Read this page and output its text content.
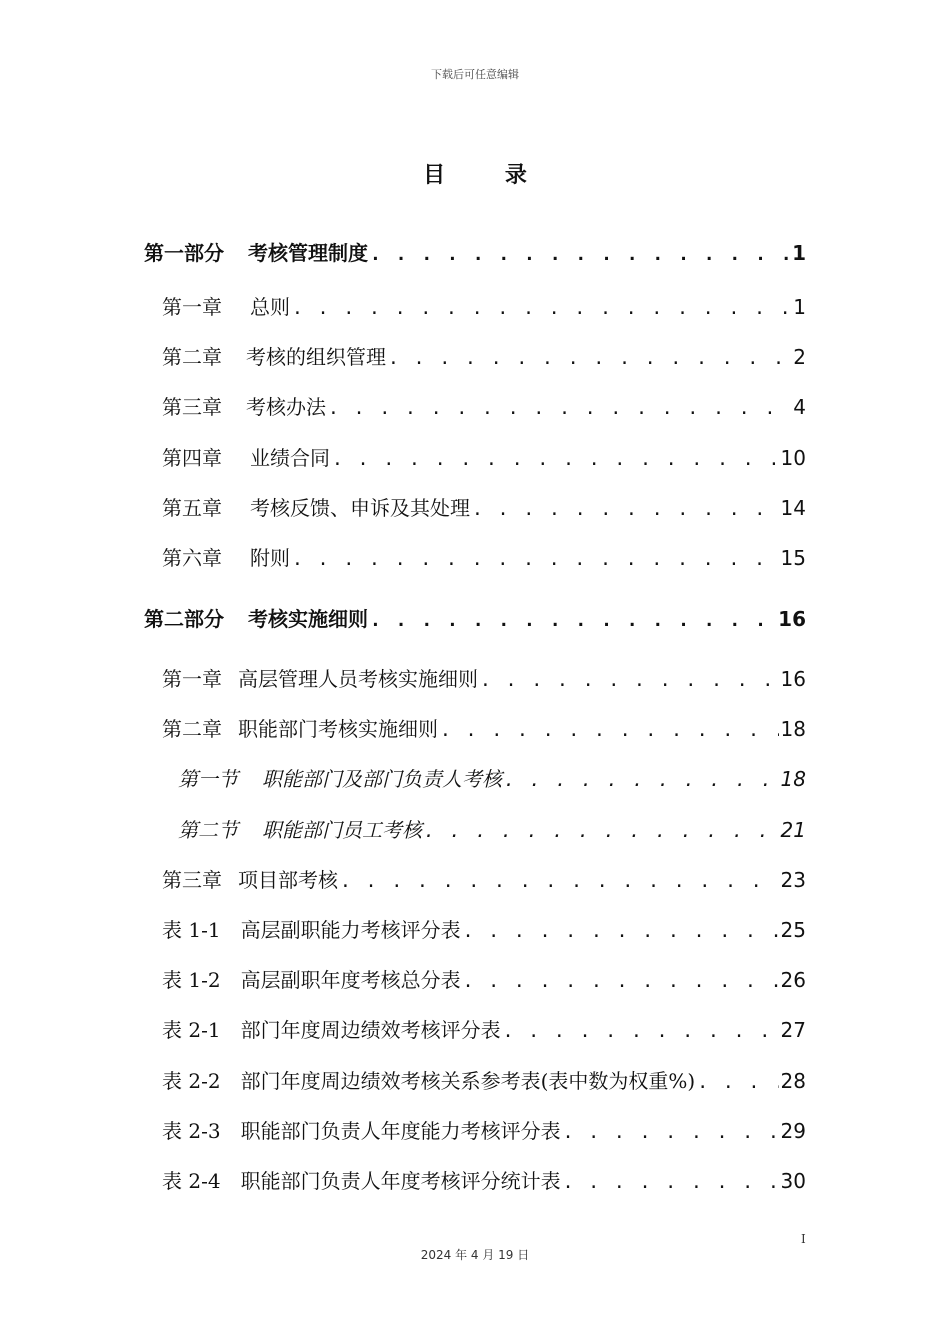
下载后可任意编辑
目 录
第一部分 考核管理制度 . . .	1
第一章 总则 . . .	1
第二章 考核的组织管理 . . .	2
第三章 考核办法 . . .	4
第四章 业绩合同 . . .	10
第五章 考核反馈、申诉及其处理 . . .	14
第六章 附则 . . .	15
第二部分 考核实施细则 . . .	16
第一章 高层管理人员考核实施细则 . . .	16
第二章 职能部门考核实施细则 . . .	18
第一节 职能部门及部门负责人考核 . . .	18
第二节 职能部门员工考核 . . .	21
第三章 项目部考核 . . .	23
表 1-1 高层副职能力考核评分表 . . .	25
表 1-2 高层副职年度考核总分表 . . .	26
表 2-1 部门年度周边绩效考核评分表 . . .	27
表 2-2 部门年度周边绩效考核关系参考表(表中数为权重%) . . .	28
表 2-3 职能部门负责人年度能力考核评分表 . . .	29
表 2-4 职能部门负责人年度考核评分统计表 . . .	30
I
2024 年 4 月 19 日
